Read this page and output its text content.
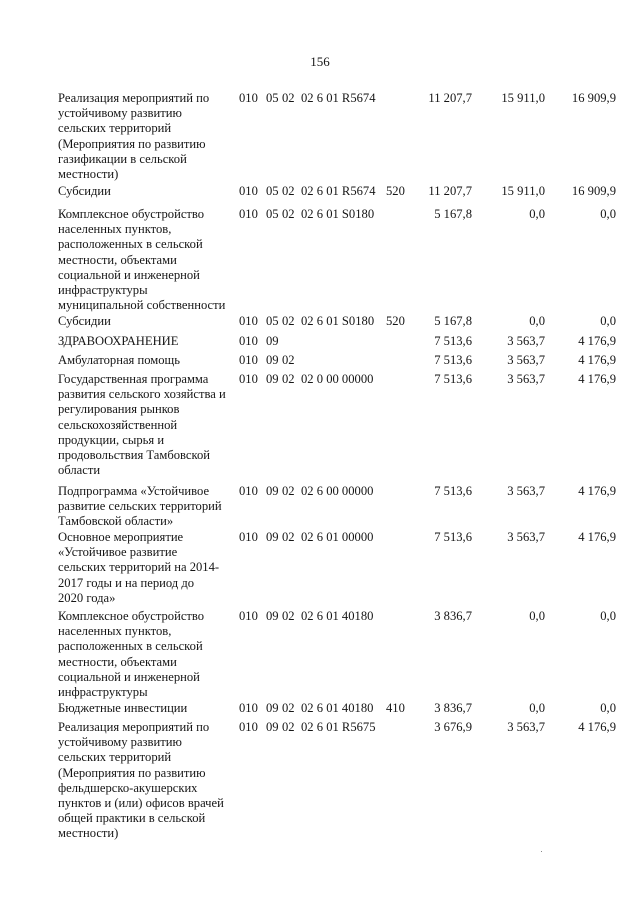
156
Реализация мероприятий по
устойчивому развитию
сельских территорий
(Мероприятия по развитию
газификации в сельской
местности)
010 05 02 02 6 01 R5674	11 207,7	15 911,0	16 909,9
Субсидии	010 05 02 02 6 01 R5674 520	11 207,7	15 911,0	16 909,9
Комплексное обустройство
населенных пунктов,
расположенных в сельской
местности, объектами
социальной и инженерной
инфраструктуры
муниципальной собственности
010 05 02 02 6 01 S0180	5 167,8	0,0	0,0
Субсидии	010 05 02 02 6 01 S0180 520	5 167,8	0,0	0,0
ЗДРАВООХРАНЕНИЕ	010 09	7 513,6	3 563,7	4 176,9
Амбулаторная помощь	010 09 02	7 513,6	3 563,7	4 176,9
Государственная программа
развития сельского хозяйства и
регулирования рынков
сельскохозяйственной
продукции, сырья и
продовольствия Тамбовской
области
010 09 02 02 0 00 00000	7 513,6	3 563,7	4 176,9
Подпрограмма «Устойчивое
развитие сельских территорий
Тамбовской области»
010 09 02 02 6 00 00000	7 513,6	3 563,7	4 176,9
Основное мероприятие
«Устойчивое развитие
сельских территорий на 2014-
2017 годы и на период до
2020 года»
010 09 02 02 6 01 00000	7 513,6	3 563,7	4 176,9
Комплексное обустройство
населенных пунктов,
расположенных в сельской
местности, объектами
социальной и инженерной
инфраструктуры
010 09 02 02 6 01 40180	3 836,7	0,0	0,0
Бюджетные инвестиции	010 09 02 02 6 01 40180 410	3 836,7	0,0	0,0
Реализация мероприятий по
устойчивому развитию
сельских территорий
(Мероприятия по развитию
фельдшерско-акушерских
пунктов и (или) офисов врачей
общей практики в сельской
местности)
010 09 02 02 6 01 R5675	3 676,9	3 563,7	4 176,9
